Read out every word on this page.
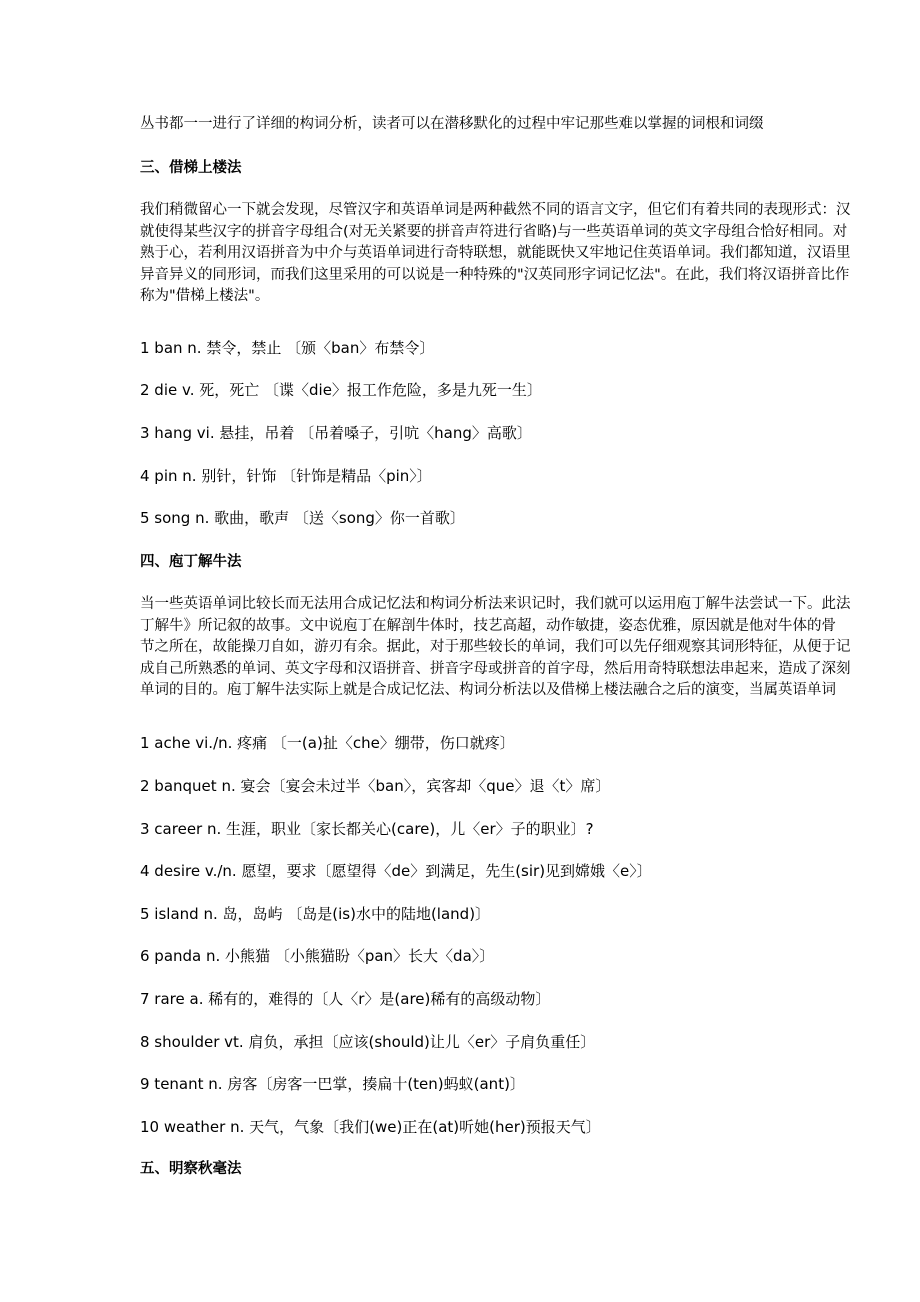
丛书都一一进行了详细的构词分析，读者可以在潜移默化的过程中牢记那些难以掌握的词根和词缀
三、借梯上楼法
我们稍微留心一下就会发现，尽管汉字和英语单词是两种截然不同的语言文字，但它们有着共同的表现形式：汉
就使得某些汉字的拼音字母组合(对无关紧要的拼音声符进行省略)与一些英语单词的英文字母组合恰好相同。对
熟于心，若利用汉语拼音为中介与英语单词进行奇特联想，就能既快又牢地记住英语单词。我们都知道，汉语里
异音异义的同形词，而我们这里采用的可以说是一种特殊的"汉英同形字词记忆法"。在此，我们将汉语拼音比作
称为"借梯上楼法"。
1 ban n. 禁令，禁止 〔颁〈ban〉布禁令〕
2 die v. 死，死亡 〔谍〈die〉报工作危险，多是九死一生〕
3 hang vi. 悬挂，吊着 〔吊着嗓子，引吭〈hang〉高歌〕
4 pin n. 别针，针饰 〔针饰是精品〈pin〉〕
5 song n. 歌曲，歌声 〔送〈song〉你一首歌〕
四、庖丁解牛法
当一些英语单词比较长而无法用合成记忆法和构词分析法来识记时，我们就可以运用庖丁解牛法尝试一下。此法
丁解牛》所记叙的故事。文中说庖丁在解剖牛体时，技艺高超，动作敏捷，姿态优雅，原因就是他对牛体的骨
节之所在，故能操刀自如，游刃有余。据此，对于那些较长的单词，我们可以先仔细观察其词形特征，从便于记
成自己所熟悉的单词、英文字母和汉语拼音、拼音字母或拼音的首字母，然后用奇特联想法串起来，造成了深刻
单词的目的。庖丁解牛法实际上就是合成记忆法、构词分析法以及借梯上楼法融合之后的演变，当属英语单词
1 ache vi./n. 疼痛 〔一(a)扯〈che〉绷带，伤口就疼〕
2 banquet n. 宴会〔宴会未过半〈ban〉，宾客却〈que〉退〈t〉席〕
3 career n. 生涯，职业〔家长都关心(care)，儿〈er〉子的职业〕?
4 desire v./n. 愿望，要求〔愿望得〈de〉到满足，先生(sir)见到嫦娥〈e〉〕
5 island n. 岛，岛屿 〔岛是(is)水中的陆地(land)〕
6 panda n. 小熊猫 〔小熊猫盼〈pan〉长大〈da〉〕
7 rare a. 稀有的，难得的〔人〈r〉是(are)稀有的高级动物〕
8 shoulder vt. 肩负，承担〔应该(should)让儿〈er〉子肩负重任〕
9 tenant n. 房客〔房客一巴掌，揍扁十(ten)蚂蚁(ant)〕
10 weather n. 天气，气象〔我们(we)正在(at)听她(her)预报天气〕
五、明察秋毫法
